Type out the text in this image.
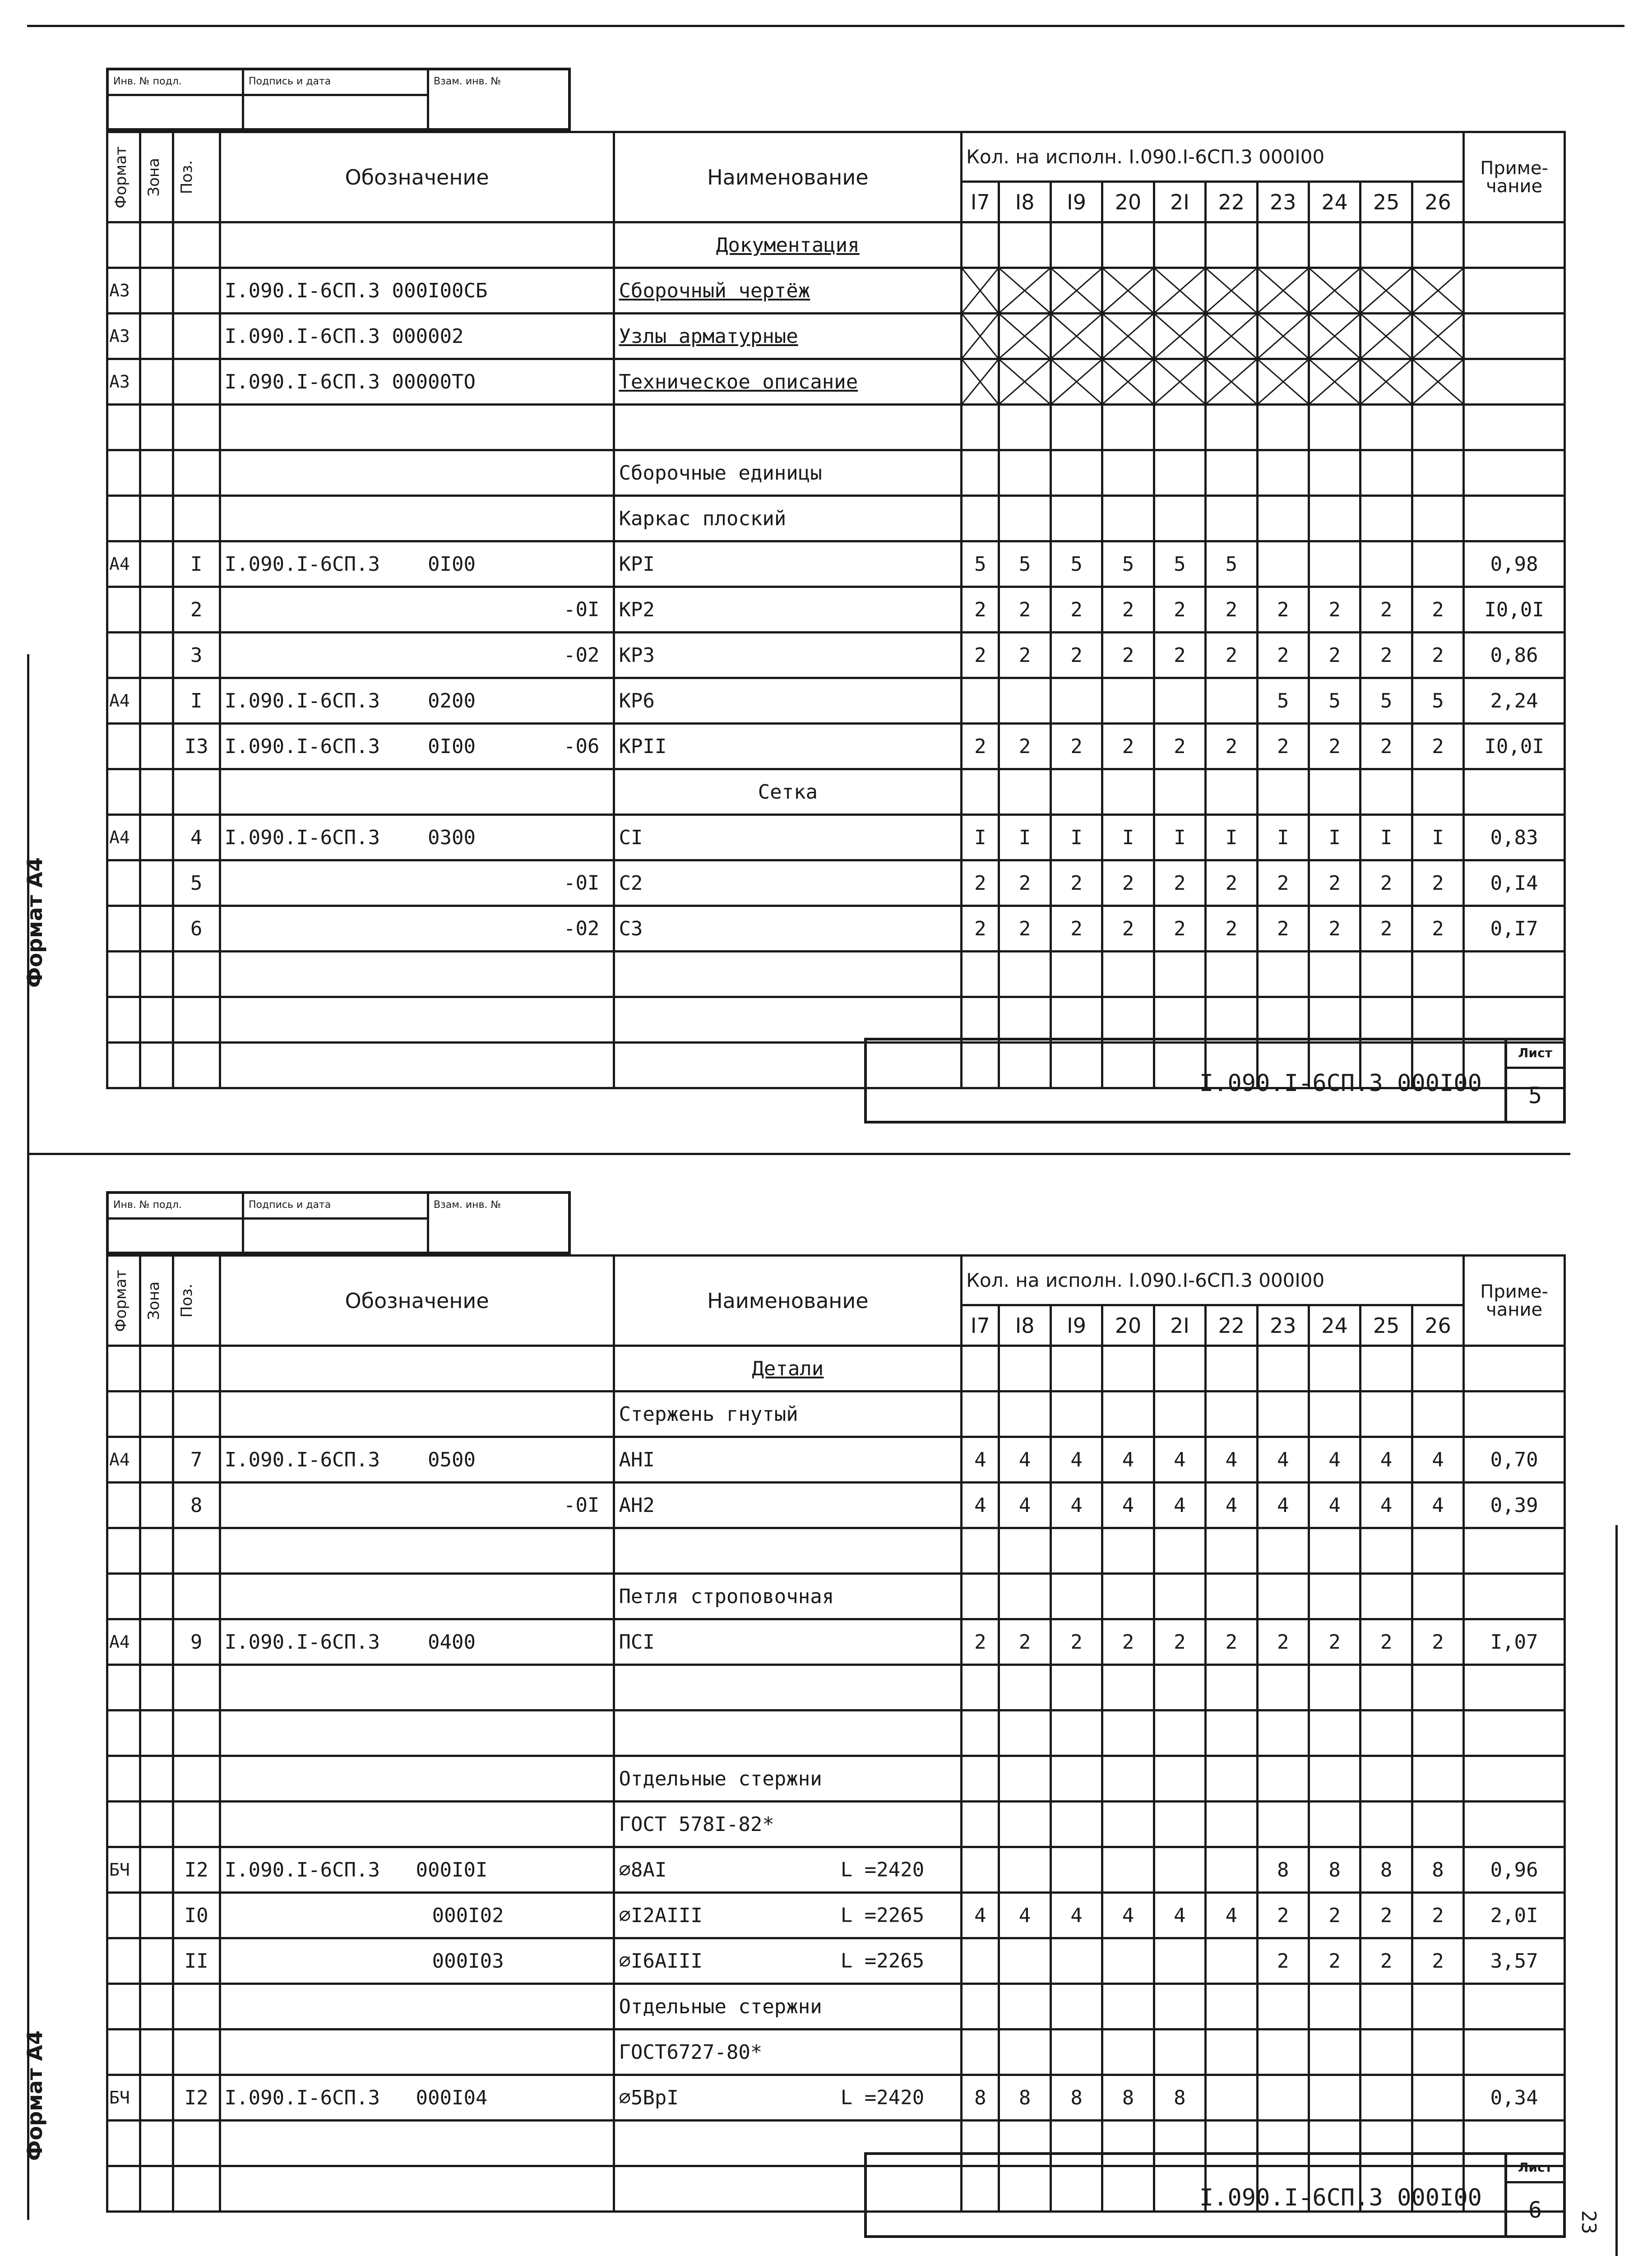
Формат А4
Формат А4
23
Инв. № подл.	Подпись и дата	Взам. инв. №
Формат	Зона	Поз.	Обозначение	Наименование	Кол. на исполн. I.090.I-6СП.3 000I00										Приме-чание
					I7	I8	I9	20	2I	22	23	24	25	26	
				Документация											
А3			I.090.I-6СП.3 000I00СБ	Сборочный чертёж	

А3			I.090.I-6СП.3 000002	Узлы арматурные	

А3			I.090.I-6СП.3 00000ТО	Техническое описание	

				Сборочные единицы											
				Каркас плоский											
А4		I	I.090.I-6СП.3    0I00	КРI	5	5	5	5	5	5					0,98
		2	-0I	КР2	2	2	2	2	2	2	2	2	2	2	I0,0I
		3	-02	КР3	2	2	2	2	2	2	2	2	2	2	0,86
А4		I	I.090.I-6СП.3    0200	КР6							5	5	5	5	2,24
		I3	I.090.I-6СП.3    0I00 -06	КРII	2	2	2	2	2	2	2	2	2	2	I0,0I
				Сетка											
А4		4	I.090.I-6СП.3    0300	СI	I	I	I	I	I	I	I	I	I	I	0,83
		5	-0I	С2	2	2	2	2	2	2	2	2	2	2	0,I4
		6	-02	С3	2	2	2	2	2	2	2	2	2	2	0,I7

I.090.I-6СП.3 000I00
Лист
5
Инв. № подл.	Подпись и дата	Взам. инв. №
Формат	Зона	Поз.	Обозначение	Наименование	Кол. на исполн. I.090.I-6СП.3 000I00										Приме-чание
					I7	I8	I9	20	2I	22	23	24	25	26	
				Детали											
				Стержень гнутый											
А4		7	I.090.I-6СП.3    0500	АНI	4	4	4	4	4	4	4	4	4	4	0,70
		8	-0I	АН2	4	4	4	4	4	4	4	4	4	4	0,39

				Петля строповочная											
А4		9	I.090.I-6СП.3    0400	ПСI	2	2	2	2	2	2	2	2	2	2	I,07

				Отдельные стержни											
				ГОСТ 578I-82*											
БЧ		I2	I.090.I-6СП.3   000I0I	⌀8АI L =2420							8	8	8	8	0,96
		I0	000I02	⌀I2АIII L =2265	4	4	4	4	4	4	2	2	2	2	2,0I
		II	000I03	⌀I6АIII L =2265							2	2	2	2	3,57
				Отдельные стержни											
				ГОСТ6727-80*											
БЧ		I2	I.090.I-6СП.3   000I04	⌀5ВрI L =2420	8	8	8	8	8						0,34

I.090.I-6СП.3 000I00
Лист
6
